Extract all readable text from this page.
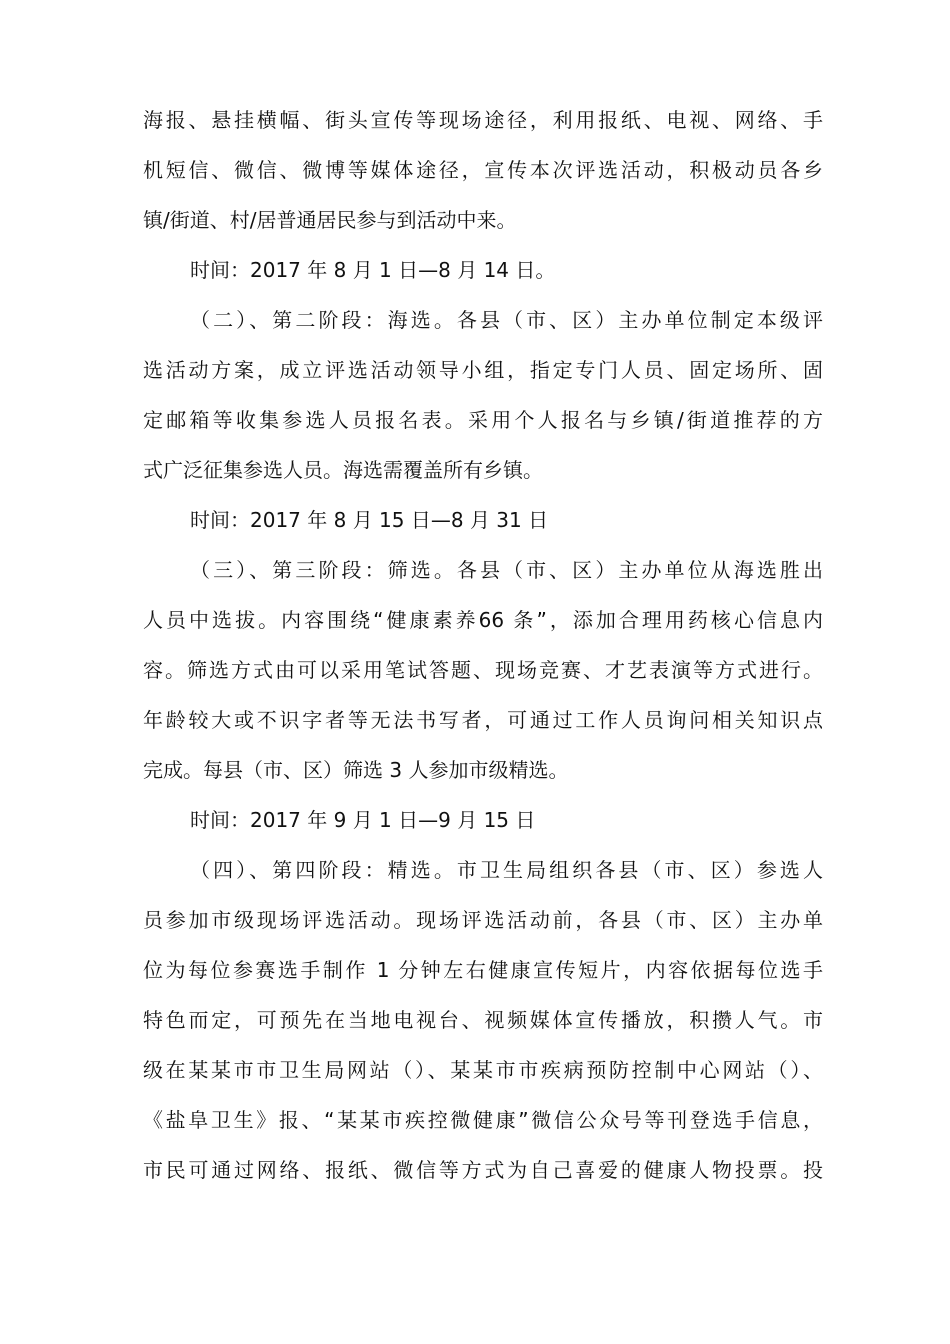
海报、悬挂横幅、街头宣传等现场途径，利用报纸、电视、网络、手
机短信、微信、微博等媒体途径，宣传本次评选活动，积极动员各乡
镇/街道、村/居普通居民参与到活动中来。
时间：2017 年 8 月 1 日—8 月 14 日。
（二）、第二阶段：海选。各县（市、区）主办单位制定本级评
选活动方案，成立评选活动领导小组，指定专门人员、固定场所、固
定邮箱等收集参选人员报名表。采用个人报名与乡镇/街道推荐的方
式广泛征集参选人员。海选需覆盖所有乡镇。
时间：2017 年 8 月 15 日—8 月 31 日
（三）、第三阶段：筛选。各县（市、区）主办单位从海选胜出
人员中选拔。内容围绕“健康素养66 条”，添加合理用药核心信息内
容。筛选方式由可以采用笔试答题、现场竞赛、才艺表演等方式进行。
年龄较大或不识字者等无法书写者，可通过工作人员询问相关知识点
完成。每县（市、区）筛选 3 人参加市级精选。
时间：2017 年 9 月 1 日—9 月 15 日
（四）、第四阶段：精选。市卫生局组织各县（市、区）参选人
员参加市级现场评选活动。现场评选活动前，各县（市、区）主办单
位为每位参赛选手制作 1 分钟左右健康宣传短片，内容依据每位选手
特色而定，可预先在当地电视台、视频媒体宣传播放，积攒人气。市
级在某某市市卫生局网站（）、某某市市疾病预防控制中心网站（）、
《盐阜卫生》报、“某某市疾控微健康”微信公众号等刊登选手信息，
市民可通过网络、报纸、微信等方式为自己喜爱的健康人物投票。投
